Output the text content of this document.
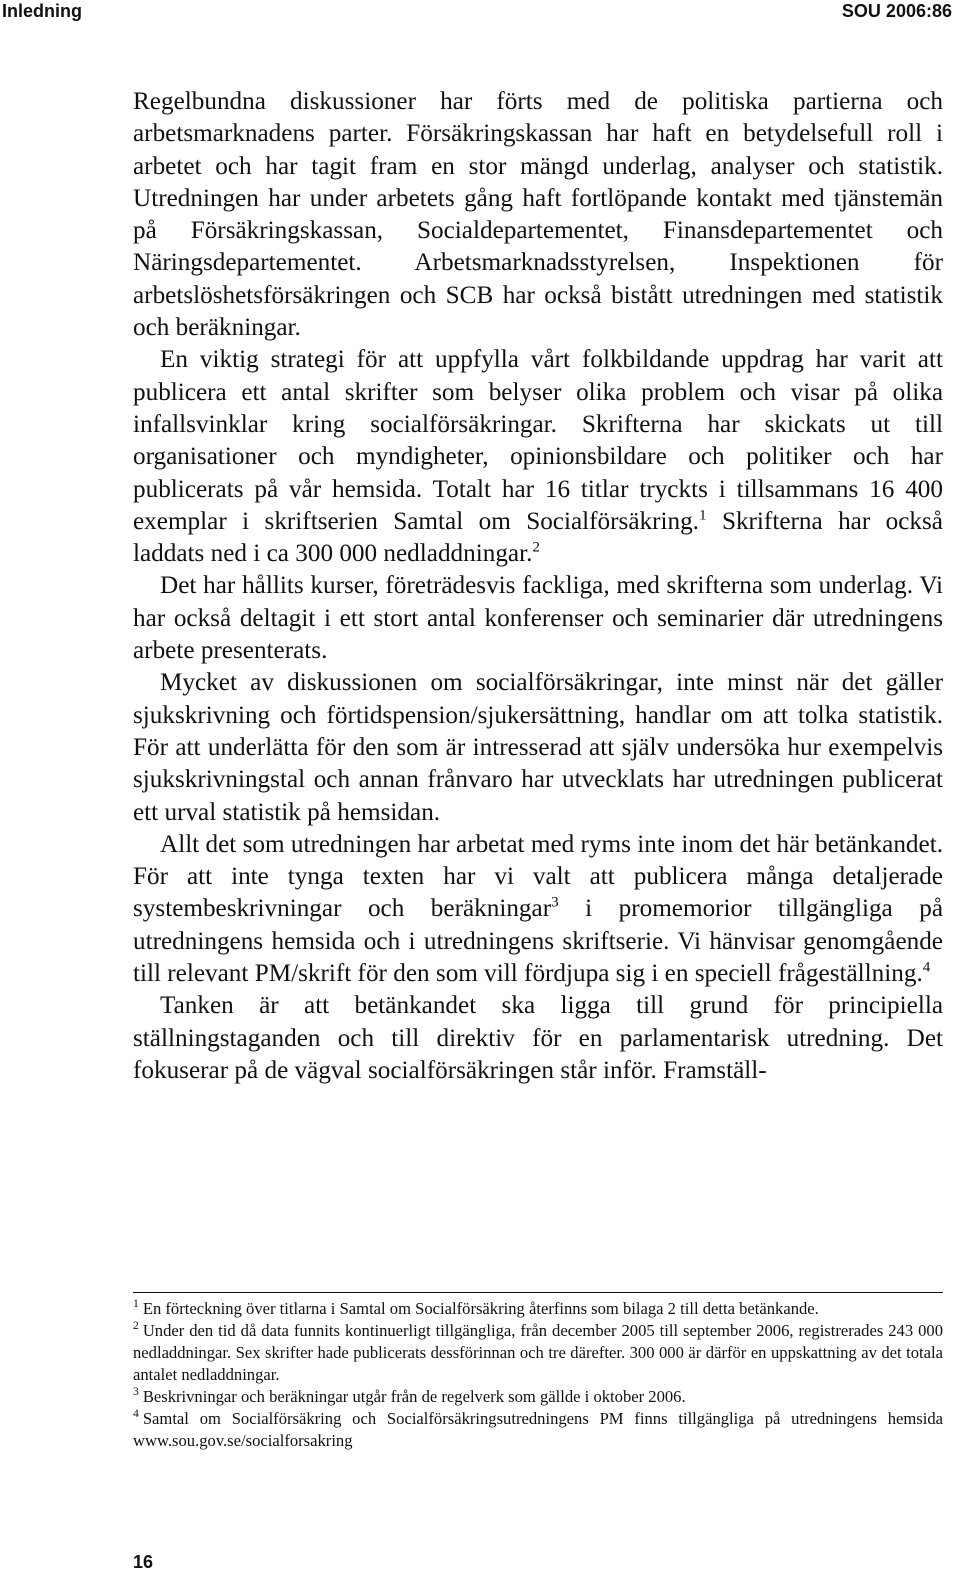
Inledning	SOU 2006:86

Regelbundna diskussioner har förts med de politiska partierna och arbetsmarknadens parter. Försäkringskassan har haft en betydelsefull roll i arbetet och har tagit fram en stor mängd underlag, analyser och statistik. Utredningen har under arbetets gång haft fortlöpande kontakt med tjänstemän på Försäkringskassan, Socialdepartementet, Finansdepartementet och Näringsdepartementet. Arbetsmarknadsstyrelsen, Inspektionen för arbetslöshetsförsäkringen och SCB har också bistått utredningen med statistik och beräkningar.

En viktig strategi för att uppfylla vårt folkbildande uppdrag har varit att publicera ett antal skrifter som belyser olika problem och visar på olika infallsvinklar kring socialförsäkringar. Skrifterna har skickats ut till organisationer och myndigheter, opinionsbildare och politiker och har publicerats på vår hemsida. Totalt har 16 titlar tryckts i tillsammans 16 400 exemplar i skriftserien Samtal om Socialförsäkring.$^1$ Skrifterna har också laddats ned i ca 300 000 nedladdningar.$^2$

Det har hållits kurser, företrädesvis fackliga, med skrifterna som underlag. Vi har också deltagit i ett stort antal konferenser och seminarier där utredningens arbete presenterats.

Mycket av diskussionen om socialförsäkringar, inte minst när det gäller sjukskrivning och förtidspension/sjukersättning, handlar om att tolka statistik. För att underlätta för den som är intresserad att själv undersöka hur exempelvis sjukskrivningstal och annan frånvaro har utvecklats har utredningen publicerat ett urval statistik på hemsidan.

Allt det som utredningen har arbetat med ryms inte inom det här betänkandet. För att inte tynga texten har vi valt att publicera många detaljerade systembeskrivningar och beräkningar$^3$ i promemorior tillgängliga på utredningens hemsida och i utredningens skriftserie. Vi hänvisar genomgående till relevant PM/skrift för den som vill fördjupa sig i en speciell frågeställning.$^4$

Tanken är att betänkandet ska ligga till grund för principiella ställningstaganden och till direktiv för en parlamentarisk utredning. Det fokuserar på de vägval socialförsäkringen står inför. Framställ-

$^1$ En förteckning över titlarna i Samtal om Socialförsäkring återfinns som bilaga 2 till detta betänkande.

$^2$ Under den tid då data funnits kontinuerligt tillgängliga, från december 2005 till september 2006, registrerades 243 000 nedladdningar. Sex skrifter hade publicerats dessförinnan och tre därefter. 300 000 är därför en uppskattning av det totala antalet nedladdningar.

$^3$ Beskrivningar och beräkningar utgår från de regelverk som gällde i oktober 2006.

$^4$ Samtal om Socialförsäkring och Socialförsäkringsutredningens PM finns tillgängliga på utredningens hemsida www.sou.gov.se/socialforsakring

16
